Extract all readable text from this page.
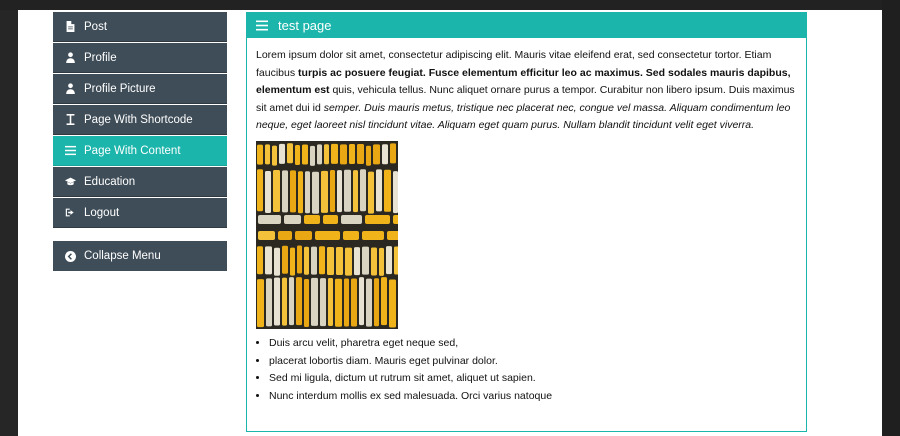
Post
Profile
Profile Picture
Page With Shortcode
Page With Content
Education
Logout
Collapse Menu
test page

Lorem ipsum dolor sit amet, consectetur adipiscing elit. Mauris vitae eleifend erat, sed consectetur tortor. Etiam faucibus turpis ac posuere feugiat. Fusce elementum efficitur leo ac maximus. Sed sodales mauris dapibus, elementum est quis, vehicula tellus. Nunc aliquet ornare purus a tempor. Curabitur non libero ipsum. Duis maximus sit amet dui id semper. Duis mauris metus, tristique nec placerat nec, congue vel massa. Aliquam condimentum leo neque, eget laoreet nisl tincidunt vitae. Aliquam eget quam purus. Nullam blandit tincidunt velit eget viverra.

• Duis arcu velit, pharetra eget neque sed,
• placerat lobortis diam. Mauris eget pulvinar dolor.
• Sed mi ligula, dictum ut rutrum sit amet, aliquet ut sapien.
• Nunc interdum mollis ex sed malesuada. Orci varius natoque
